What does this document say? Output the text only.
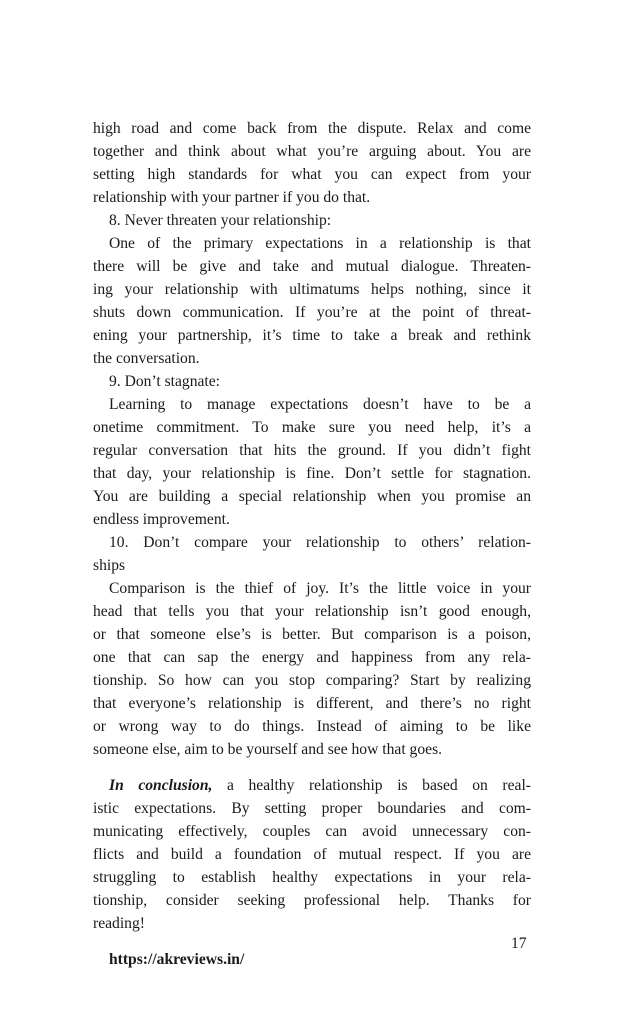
high road and come back from the dispute. Relax and come
together and think about what you’re arguing about. You are
setting high standards for what you can expect from your
relationship with your partner if you do that.
8. Never threaten your relationship:
One of the primary expectations in a relationship is that
there will be give and take and mutual dialogue. Threaten-
ing your relationship with ultimatums helps nothing, since it
shuts down communication. If you’re at the point of threat-
ening your partnership, it’s time to take a break and rethink
the conversation.
9. Don’t stagnate:
Learning to manage expectations doesn’t have to be a
onetime commitment. To make sure you need help, it’s a
regular conversation that hits the ground. If you didn’t fight
that day, your relationship is fine. Don’t settle for stagnation.
You are building a special relationship when you promise an
endless improvement.
10. Don’t compare your relationship to others’ relation-
ships
Comparison is the thief of joy. It’s the little voice in your
head that tells you that your relationship isn’t good enough,
or that someone else’s is better. But comparison is a poison,
one that can sap the energy and happiness from any rela-
tionship. So how can you stop comparing? Start by realizing
that everyone’s relationship is different, and there’s no right
or wrong way to do things. Instead of aiming to be like
someone else, aim to be yourself and see how that goes.
In conclusion, a healthy relationship is based on real-
istic expectations. By setting proper boundaries and com-
municating effectively, couples can avoid unnecessary con-
flicts and build a foundation of mutual respect. If you are
struggling to establish healthy expectations in your rela-
tionship, consider seeking professional help. Thanks for
reading!
https://akreviews.in/
17
